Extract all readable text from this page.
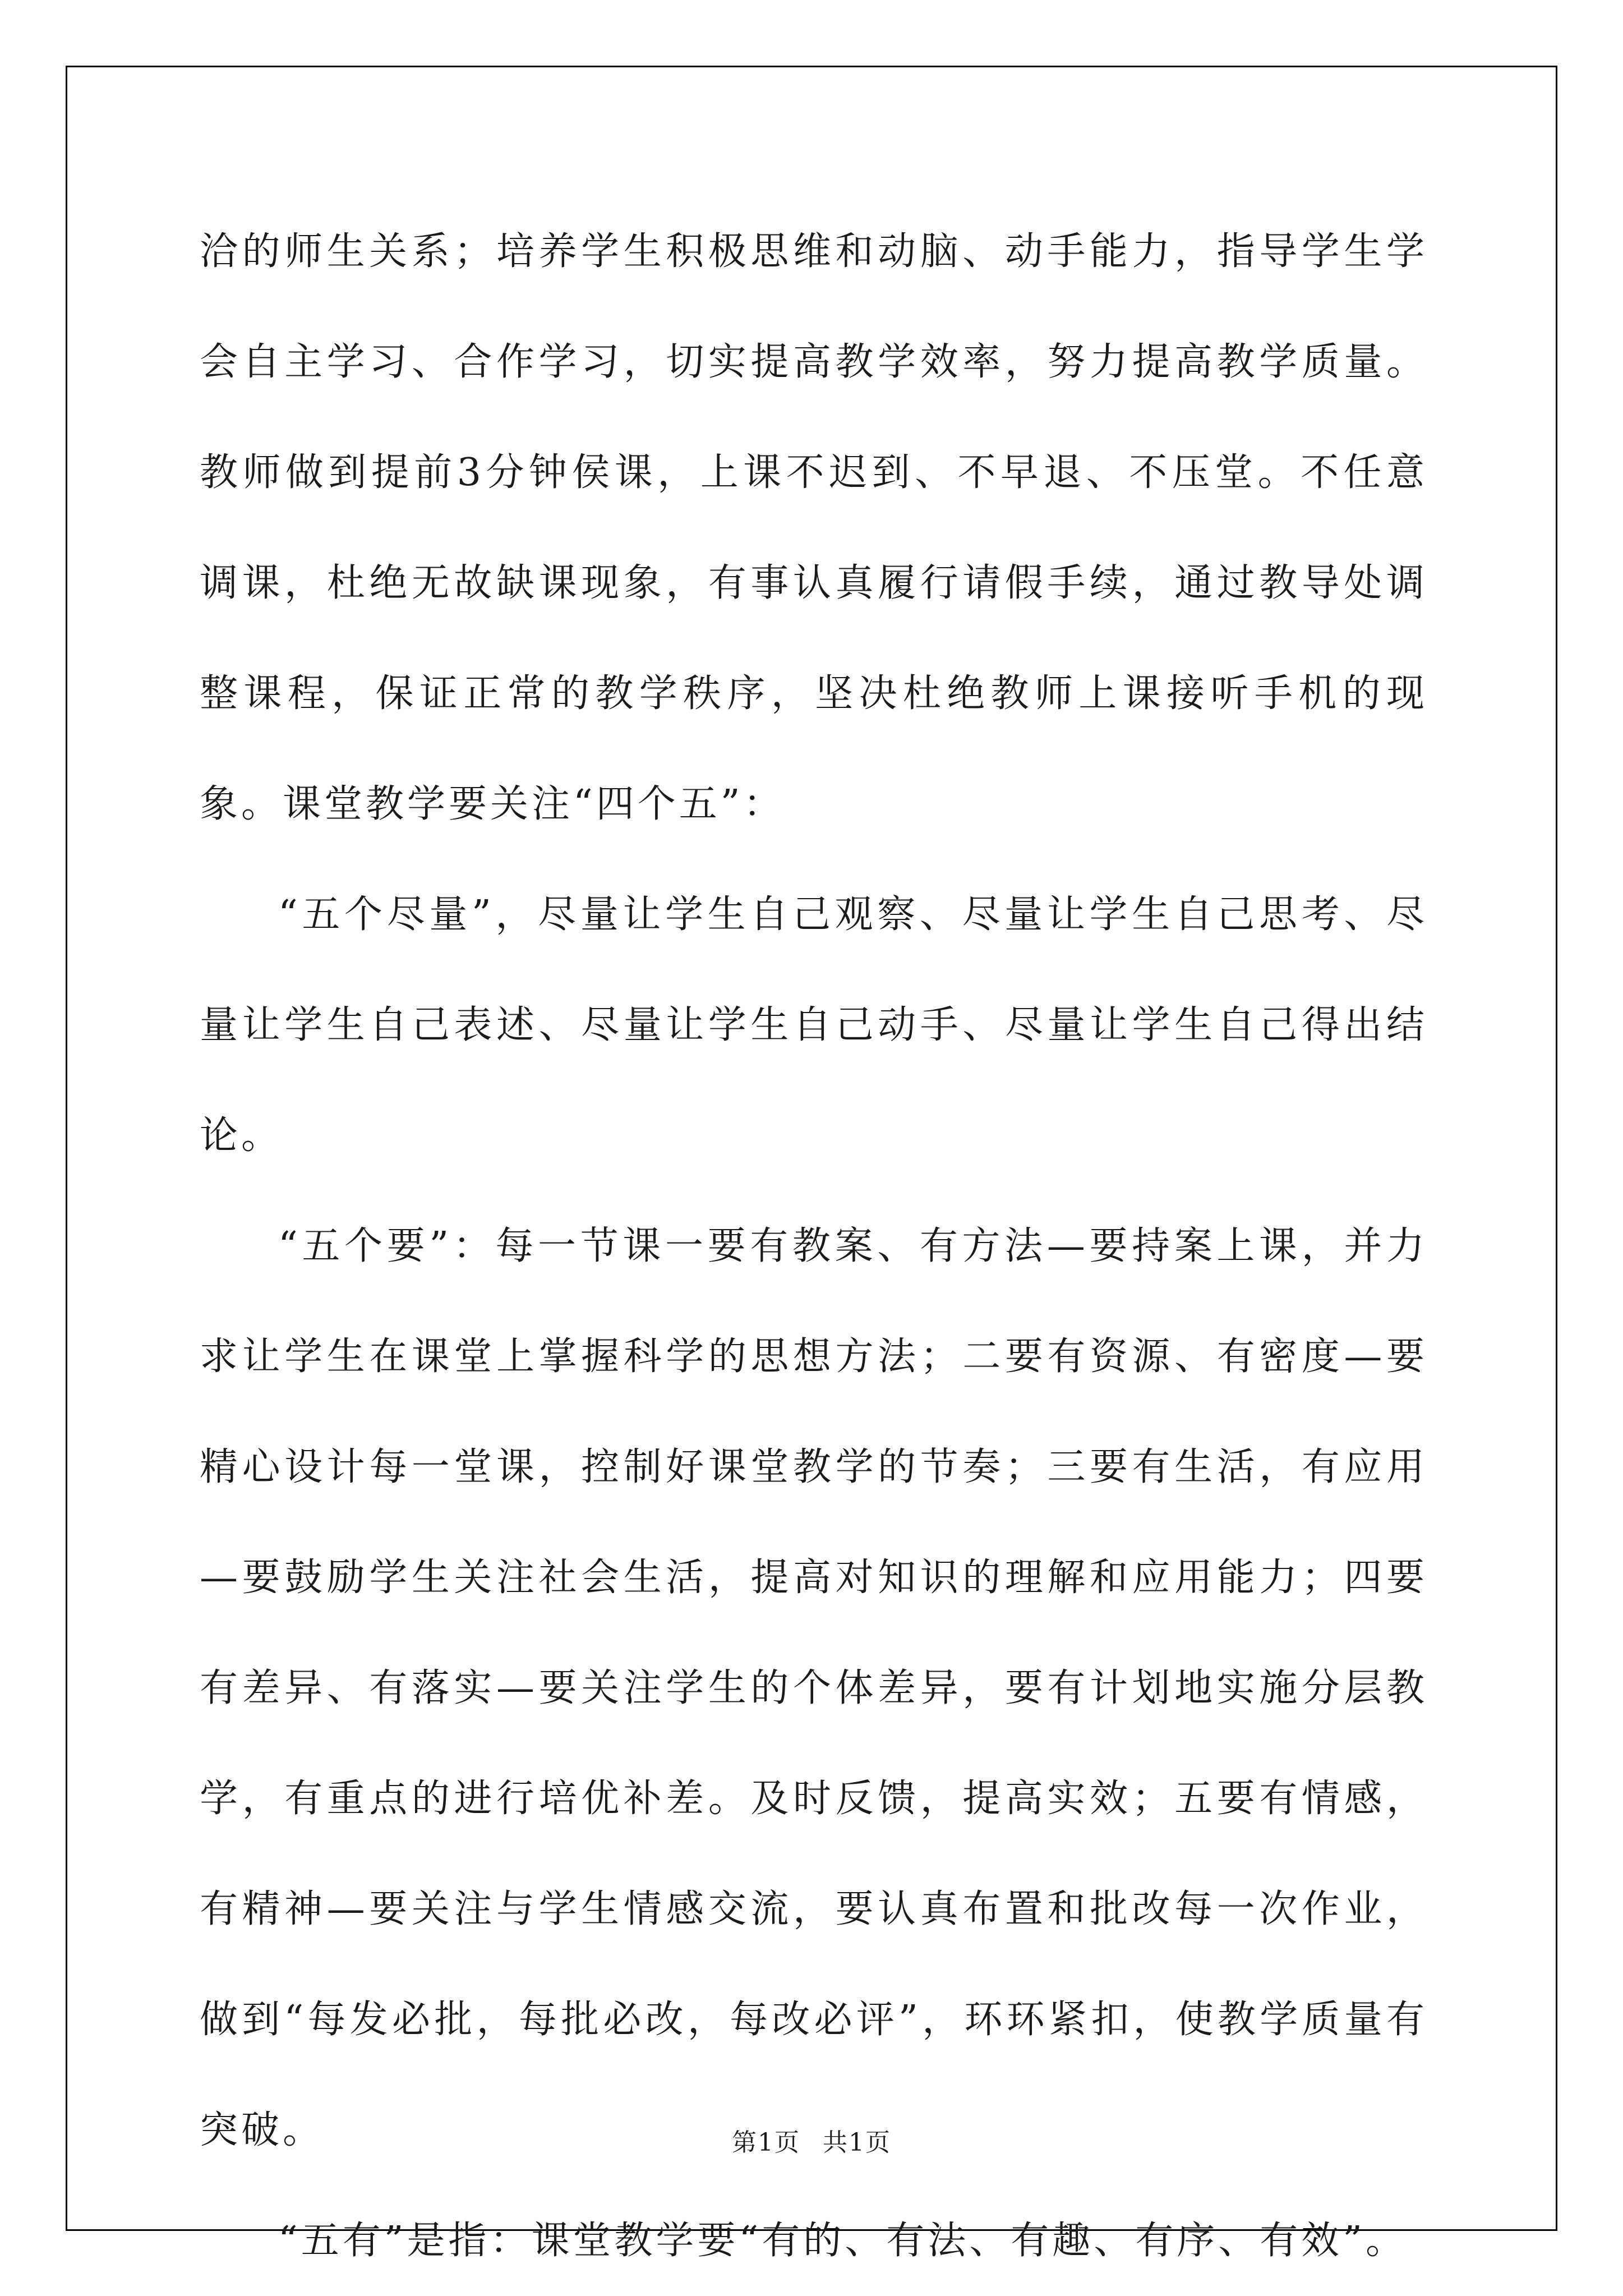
洽的师生关系；培养学生积极思维和动脑、动手能力，指导学生学会自主学习、合作学习，切实提高教学效率，努力提高教学质量。教师做到提前3分钟侯课，上课不迟到、不早退、不压堂。不任意调课，杜绝无故缺课现象，有事认真履行请假手续，通过教导处调整课程，保证正常的教学秩序，坚决杜绝教师上课接听手机的现象。课堂教学要关注“四个五”：

“五个尽量”，尽量让学生自己观察、尽量让学生自己思考、尽量让学生自己表述、尽量让学生自己动手、尽量让学生自己得出结论。

“五个要”：每一节课一要有教案、有方法—要持案上课，并力求让学生在课堂上掌握科学的思想方法；二要有资源、有密度—要精心设计每一堂课，控制好课堂教学的节奏；三要有生活，有应用—要鼓励学生关注社会生活，提高对知识的理解和应用能力；四要有差异、有落实—要关注学生的个体差异，要有计划地实施分层教学，有重点的进行培优补差。及时反馈，提高实效；五要有情感，有精神—要关注与学生情感交流，要认真布置和批改每一次作业，做到“每发必批，每批必改，每改必评”，环环紧扣，使教学质量有突破。

“五有”是指：课堂教学要“有的、有法、有趣、有序、有效”。

第1页 共1页
